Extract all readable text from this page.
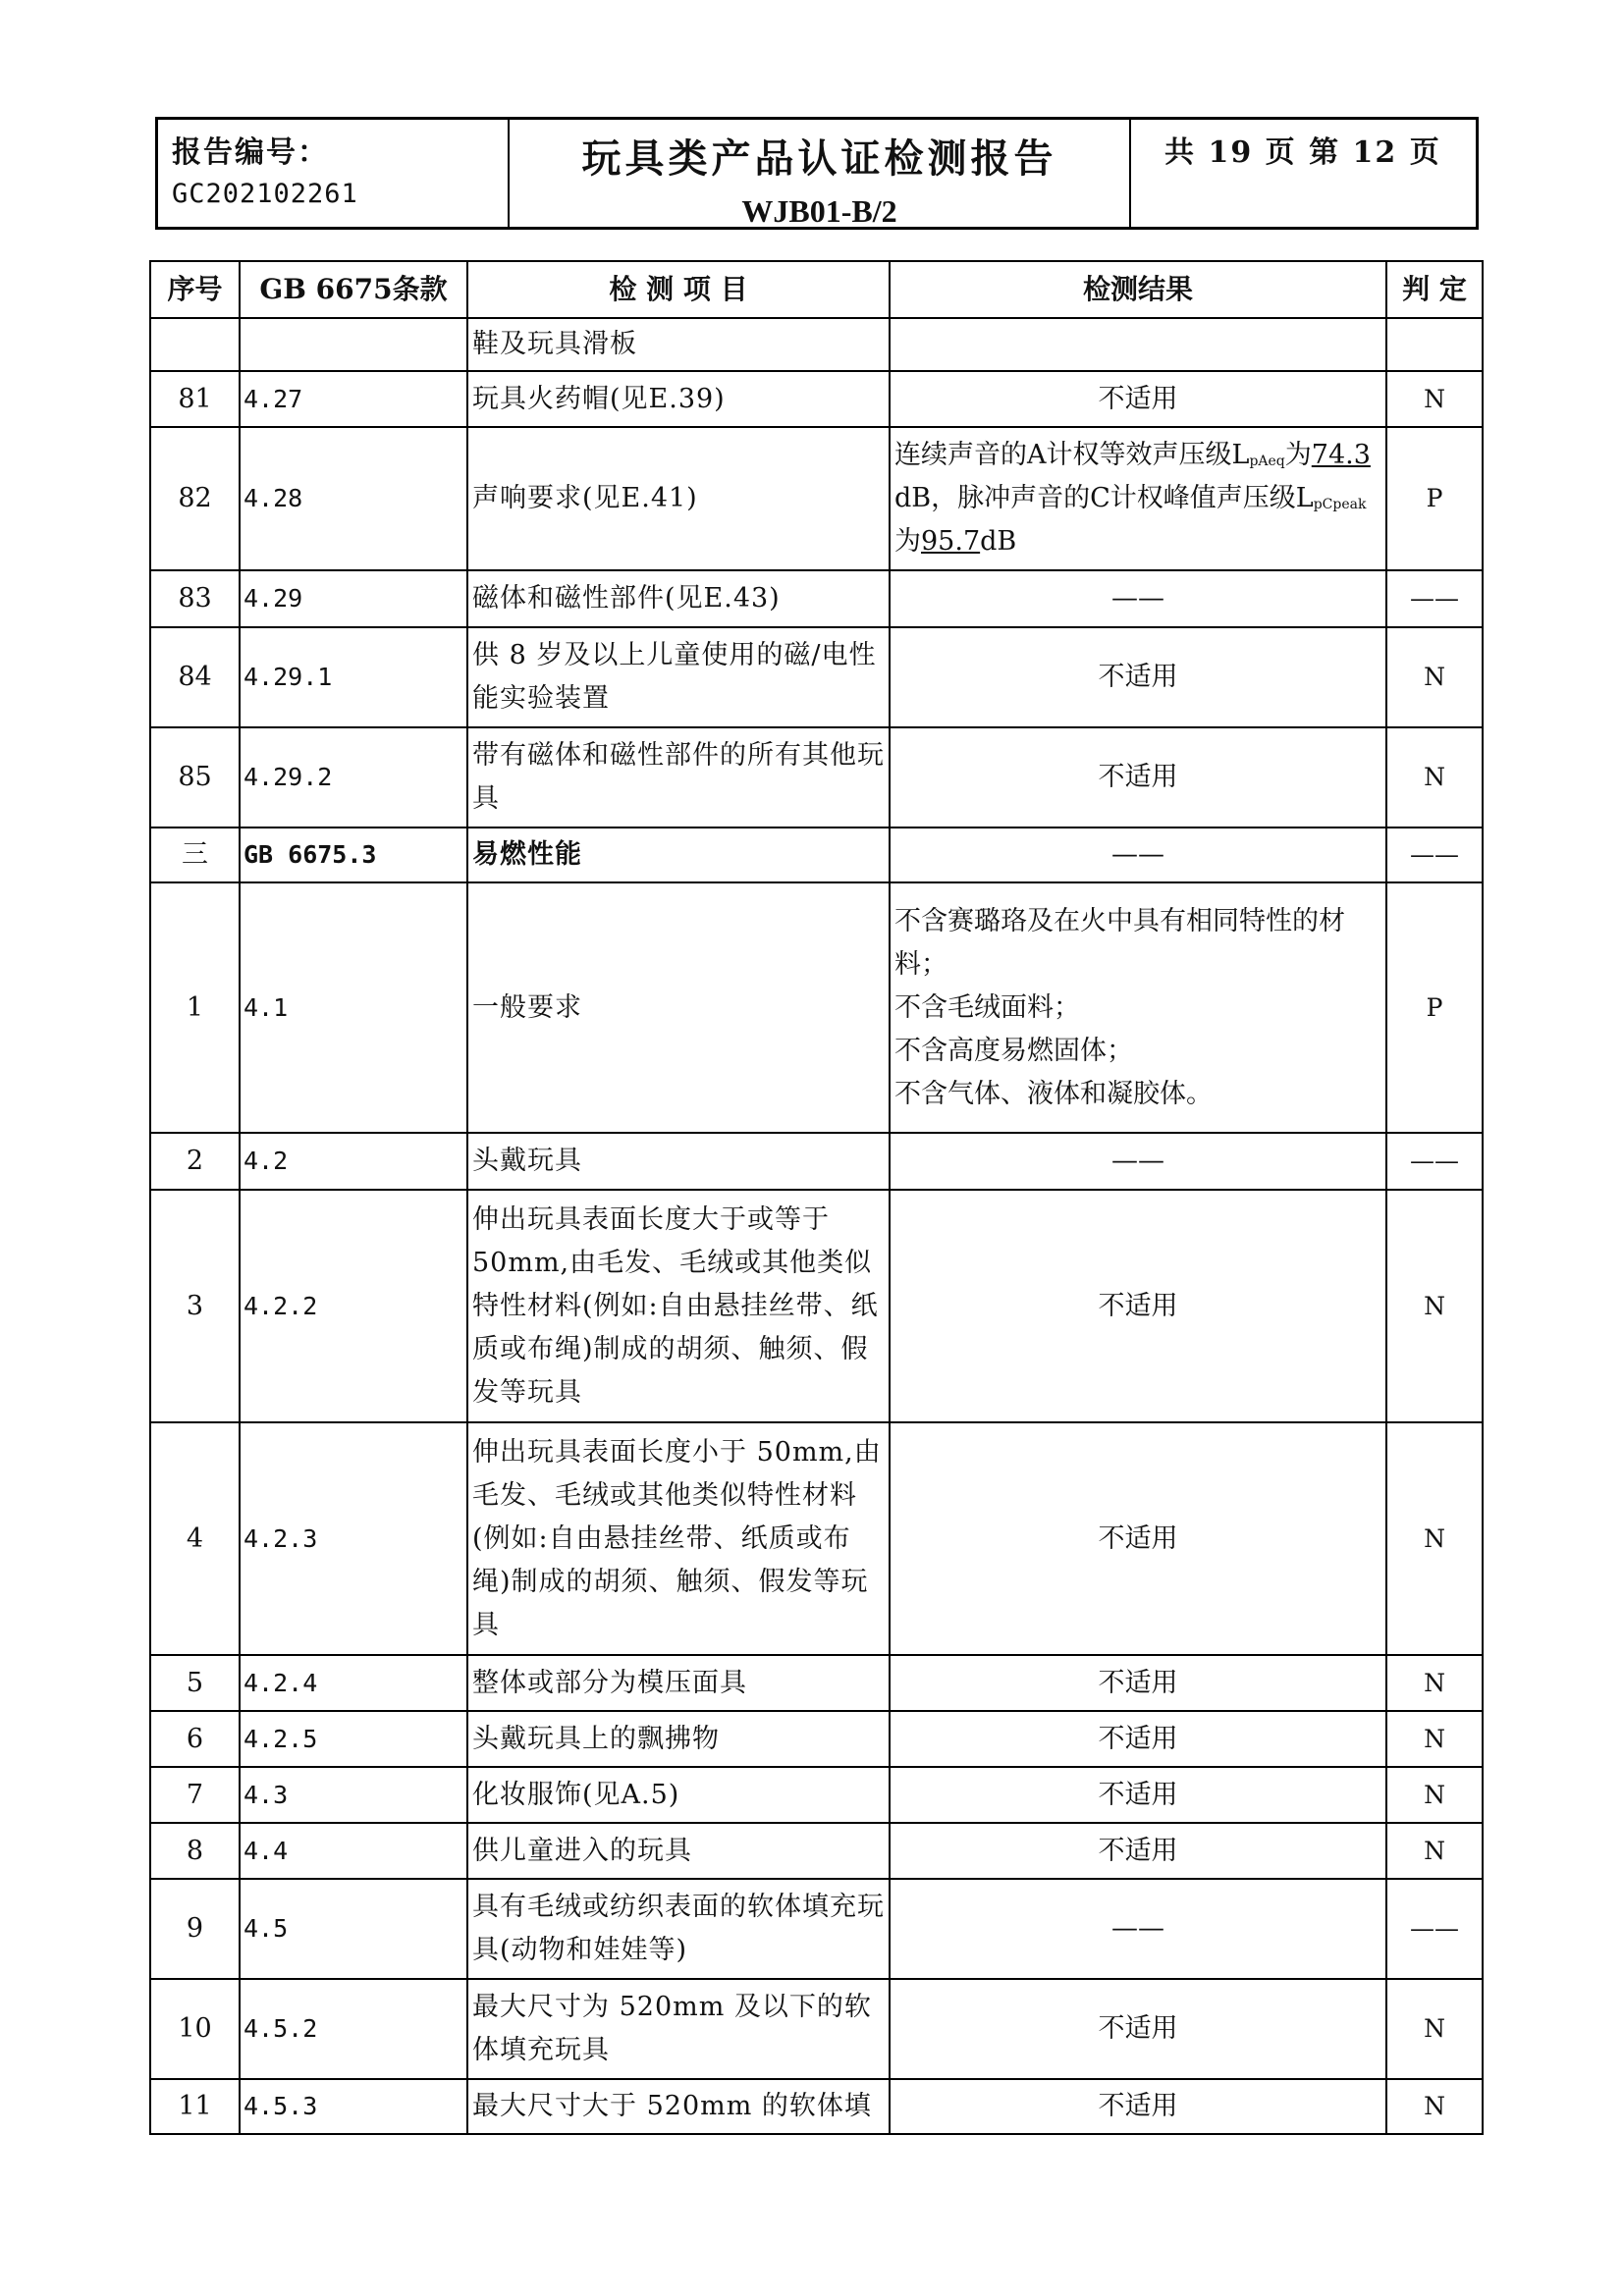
报告编号：
GC202102261
玩具类产品认证检测报告
WJB01-B/2
共 19 页 第 12 页
序号	GB 6675条款	检 测 项 目	检测结果	判 定
		鞋及玩具滑板		
81	4.27	玩具火药帽(见E.39)	不适用	N
82	4.28	声响要求(见E.41)	连续声音的A计权等效声压级$L_{pAeq}$为74.3 dB，脉冲声音的C计权峰值声压级$L_{pCpeak}$为95.7dB	P
83	4.29	磁体和磁性部件(见E.43)	——	——
84	4.29.1	供 8 岁及以上儿童使用的磁/电性能实验装置	不适用	N
85	4.29.2	带有磁体和磁性部件的所有其他玩具	不适用	N
三	GB 6675.3	易燃性能	——	——
1	4.1	一般要求	不含赛璐珞及在火中具有相同特性的材料；
不含毛绒面料；
不含高度易燃固体；
不含气体、液体和凝胶体。	P
2	4.2	头戴玩具	——	——
3	4.2.2	伸出玩具表面长度大于或等于50mm,由毛发、毛绒或其他类似特性材料(例如:自由悬挂丝带、纸质或布绳)制成的胡须、触须、假发等玩具	不适用	N
4	4.2.3	伸出玩具表面长度小于 50mm,由毛发、毛绒或其他类似特性材料(例如:自由悬挂丝带、纸质或布绳)制成的胡须、触须、假发等玩具	不适用	N
5	4.2.4	整体或部分为模压面具	不适用	N
6	4.2.5	头戴玩具上的飘拂物	不适用	N
7	4.3	化妆服饰(见A.5)	不适用	N
8	4.4	供儿童进入的玩具	不适用	N
9	4.5	具有毛绒或纺织表面的软体填充玩具(动物和娃娃等)	——	——
10	4.5.2	最大尺寸为 520mm 及以下的软体填充玩具	不适用	N
11	4.5.3	最大尺寸大于 520mm 的软体填	不适用	N
